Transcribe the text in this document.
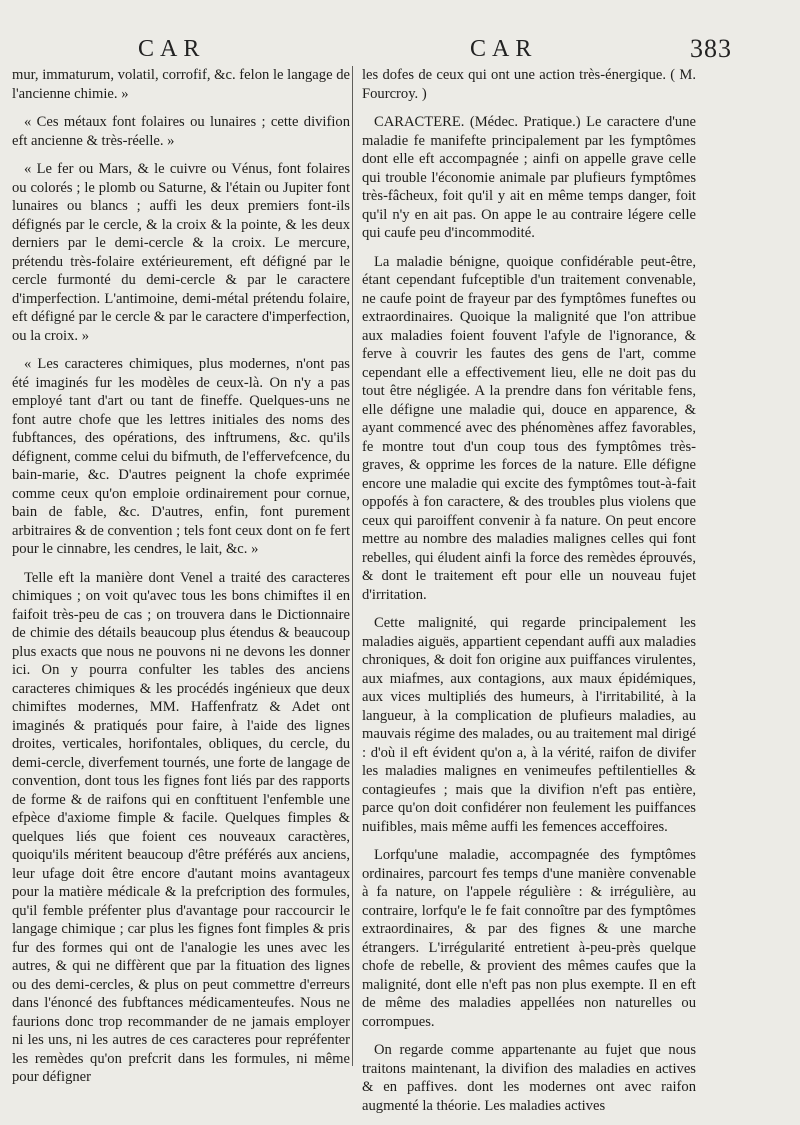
CAR	CAR	383

mur, immaturum, volatil, corrofif, &c. felon le langage de l'ancienne chimie. »

« Ces métaux font folaires ou lunaires ; cette divifion eft ancienne & très-réelle. »

« Le fer ou Mars, & le cuivre ou Vénus, font folaires ou colorés ; le plomb ou Saturne, & l'étain ou Jupiter font lunaires ou blancs ; auffi les deux premiers font-ils défignés par le cercle, & la croix & la pointe, & les deux derniers par le demi-cercle & la croix. Le mercure, prétendu très-folaire extérieurement, eft défigné par le cercle furmonté du demi-cercle & par le caractere d'imperfection. L'antimoine, demi-métal prétendu folaire, eft défigné par le cercle & par le caractere d'imperfection, ou la croix. »

« Les caracteres chimiques, plus modernes, n'ont pas été imaginés fur les modèles de ceux-là. On n'y a pas employé tant d'art ou tant de fineffe. Quelques-uns ne font autre chofe que les lettres initiales des noms des fubftances, des opérations, des inftrumens, &c. qu'ils défignent, comme celui du bifmuth, de l'effervefcence, du bain-marie, &c. D'autres peignent la chofe exprimée comme ceux qu'on emploie ordinairement pour cornue, bain de fable, &c. D'autres, enfin, font purement arbitraires & de convention ; tels font ceux dont on fe fert pour le cinnabre, les cendres, le lait, &c. »

Telle eft la manière dont Venel a traité des caracteres chimiques ; on voit qu'avec tous les bons chimiftes il en faifoit très-peu de cas ; on trouvera dans le Dictionnaire de chimie des détails beaucoup plus étendus & beaucoup plus exacts que nous ne pouvons ni ne devons les donner ici. On y pourra confulter les tables des anciens caracteres chimiques & les procédés ingénieux que deux chimiftes modernes, MM. Haffenfratz & Adet ont imaginés & pratiqués pour faire, à l'aide des lignes droites, verticales, horifontales, obliques, du cercle, du demi-cercle, diverfement tournés, une forte de langage de convention, dont tous les fignes font liés par des rapports de forme & de raifons qui en conftituent l'enfemble une efpèce d'axiome fimple & facile. Quelques fimples & quelques liés que foient ces nouveaux caractères, quoiqu'ils méritent beaucoup d'être préférés aux anciens, leur ufage doit être encore d'autant moins avantageux pour la matière médicale & la prefcription des formules, qu'il femble préfenter plus d'avantage pour raccourcir le langage chimique ; car plus les fignes font fimples & pris fur des formes qui ont de l'analogie les unes avec les autres, & qui ne diffèrent que par la fituation des lignes ou des demi-cercles, & plus on peut commettre d'erreurs dans l'énoncé des fubftances médicamenteufes. Nous ne faurions donc trop recommander de ne jamais employer ni les uns, ni les autres de ces caracteres pour repréfenter les remèdes qu'on prefcrit dans les formules, ni même pour défigner

les dofes de ceux qui ont une action très-énergique. ( M. Fourcroy. )

CARACTERE. (Médec. Pratique.) Le caractere d'une maladie fe manifefte principalement par les fymptômes dont elle eft accompagnée ; ainfi on appelle grave celle qui trouble l'économie animale par plufieurs fymptômes très-fâcheux, foit qu'il y ait en même temps danger, foit qu'il n'y en ait pas. On appe le au contraire légere celle qui caufe peu d'incommodité.

La maladie bénigne, quoique confidérable peut-être, étant cependant fufceptible d'un traitement convenable, ne caufe point de frayeur par des fymptômes funeftes ou extraordinaires. Quoique la malignité que l'on attribue aux maladies foient fouvent l'afyle de l'ignorance, & ferve à couvrir les fautes des gens de l'art, comme cependant elle a effectivement lieu, elle ne doit pas du tout être négligée. A la prendre dans fon véritable fens, elle défigne une maladie qui, douce en apparence, & ayant commencé avec des phénomènes affez favorables, fe montre tout d'un coup tous des fymptômes très-graves, & opprime les forces de la nature. Elle défigne encore une maladie qui excite des fymptômes tout-à-fait oppofés à fon caractere, & des troubles plus violens que ceux qui paroiffent convenir à fa nature. On peut encore mettre au nombre des maladies malignes celles qui font rebelles, qui éludent ainfi la force des remèdes éprouvés, & dont le traitement eft pour elle un nouveau fujet d'irritation.

Cette malignité, qui regarde principalement les maladies aiguës, appartient cependant auffi aux maladies chroniques, & doit fon origine aux puiffances virulentes, aux miafmes, aux contagions, aux maux épidémiques, aux vices multipliés des humeurs, à l'irritabilité, à la langueur, à la complication de plufieurs maladies, au mauvais régime des malades, ou au traitement mal dirigé : d'où il eft évident qu'on a, à la vérité, raifon de divifer les maladies malignes en venimeufes peftilentielles & contagieufes ; mais que la divifion n'eft pas entière, parce qu'on doit confidérer non feulement les puiffances nuifibles, mais même auffi les femences acceffoires.

Lorfqu'une maladie, accompagnée des fymptômes ordinaires, parcourt fes temps d'une manière convenable à fa nature, on l'appele régulière : & irrégulière, au contraire, lorfqu'e le fe fait connoître par des fymptômes extraordinaires, & par des fignes & une marche étrangers. L'irrégularité entretient à-peu-près quelque chofe de rebelle, & provient des mêmes caufes que la malignité, dont elle n'eft pas non plus exempte. Il en eft de même des maladies appellées non naturelles ou corrompues.

On regarde comme appartenante au fujet que nous traitons maintenant, la divifion des maladies en actives & en paffives. dont les modernes ont avec raifon augmenté la théorie. Les maladies actives
